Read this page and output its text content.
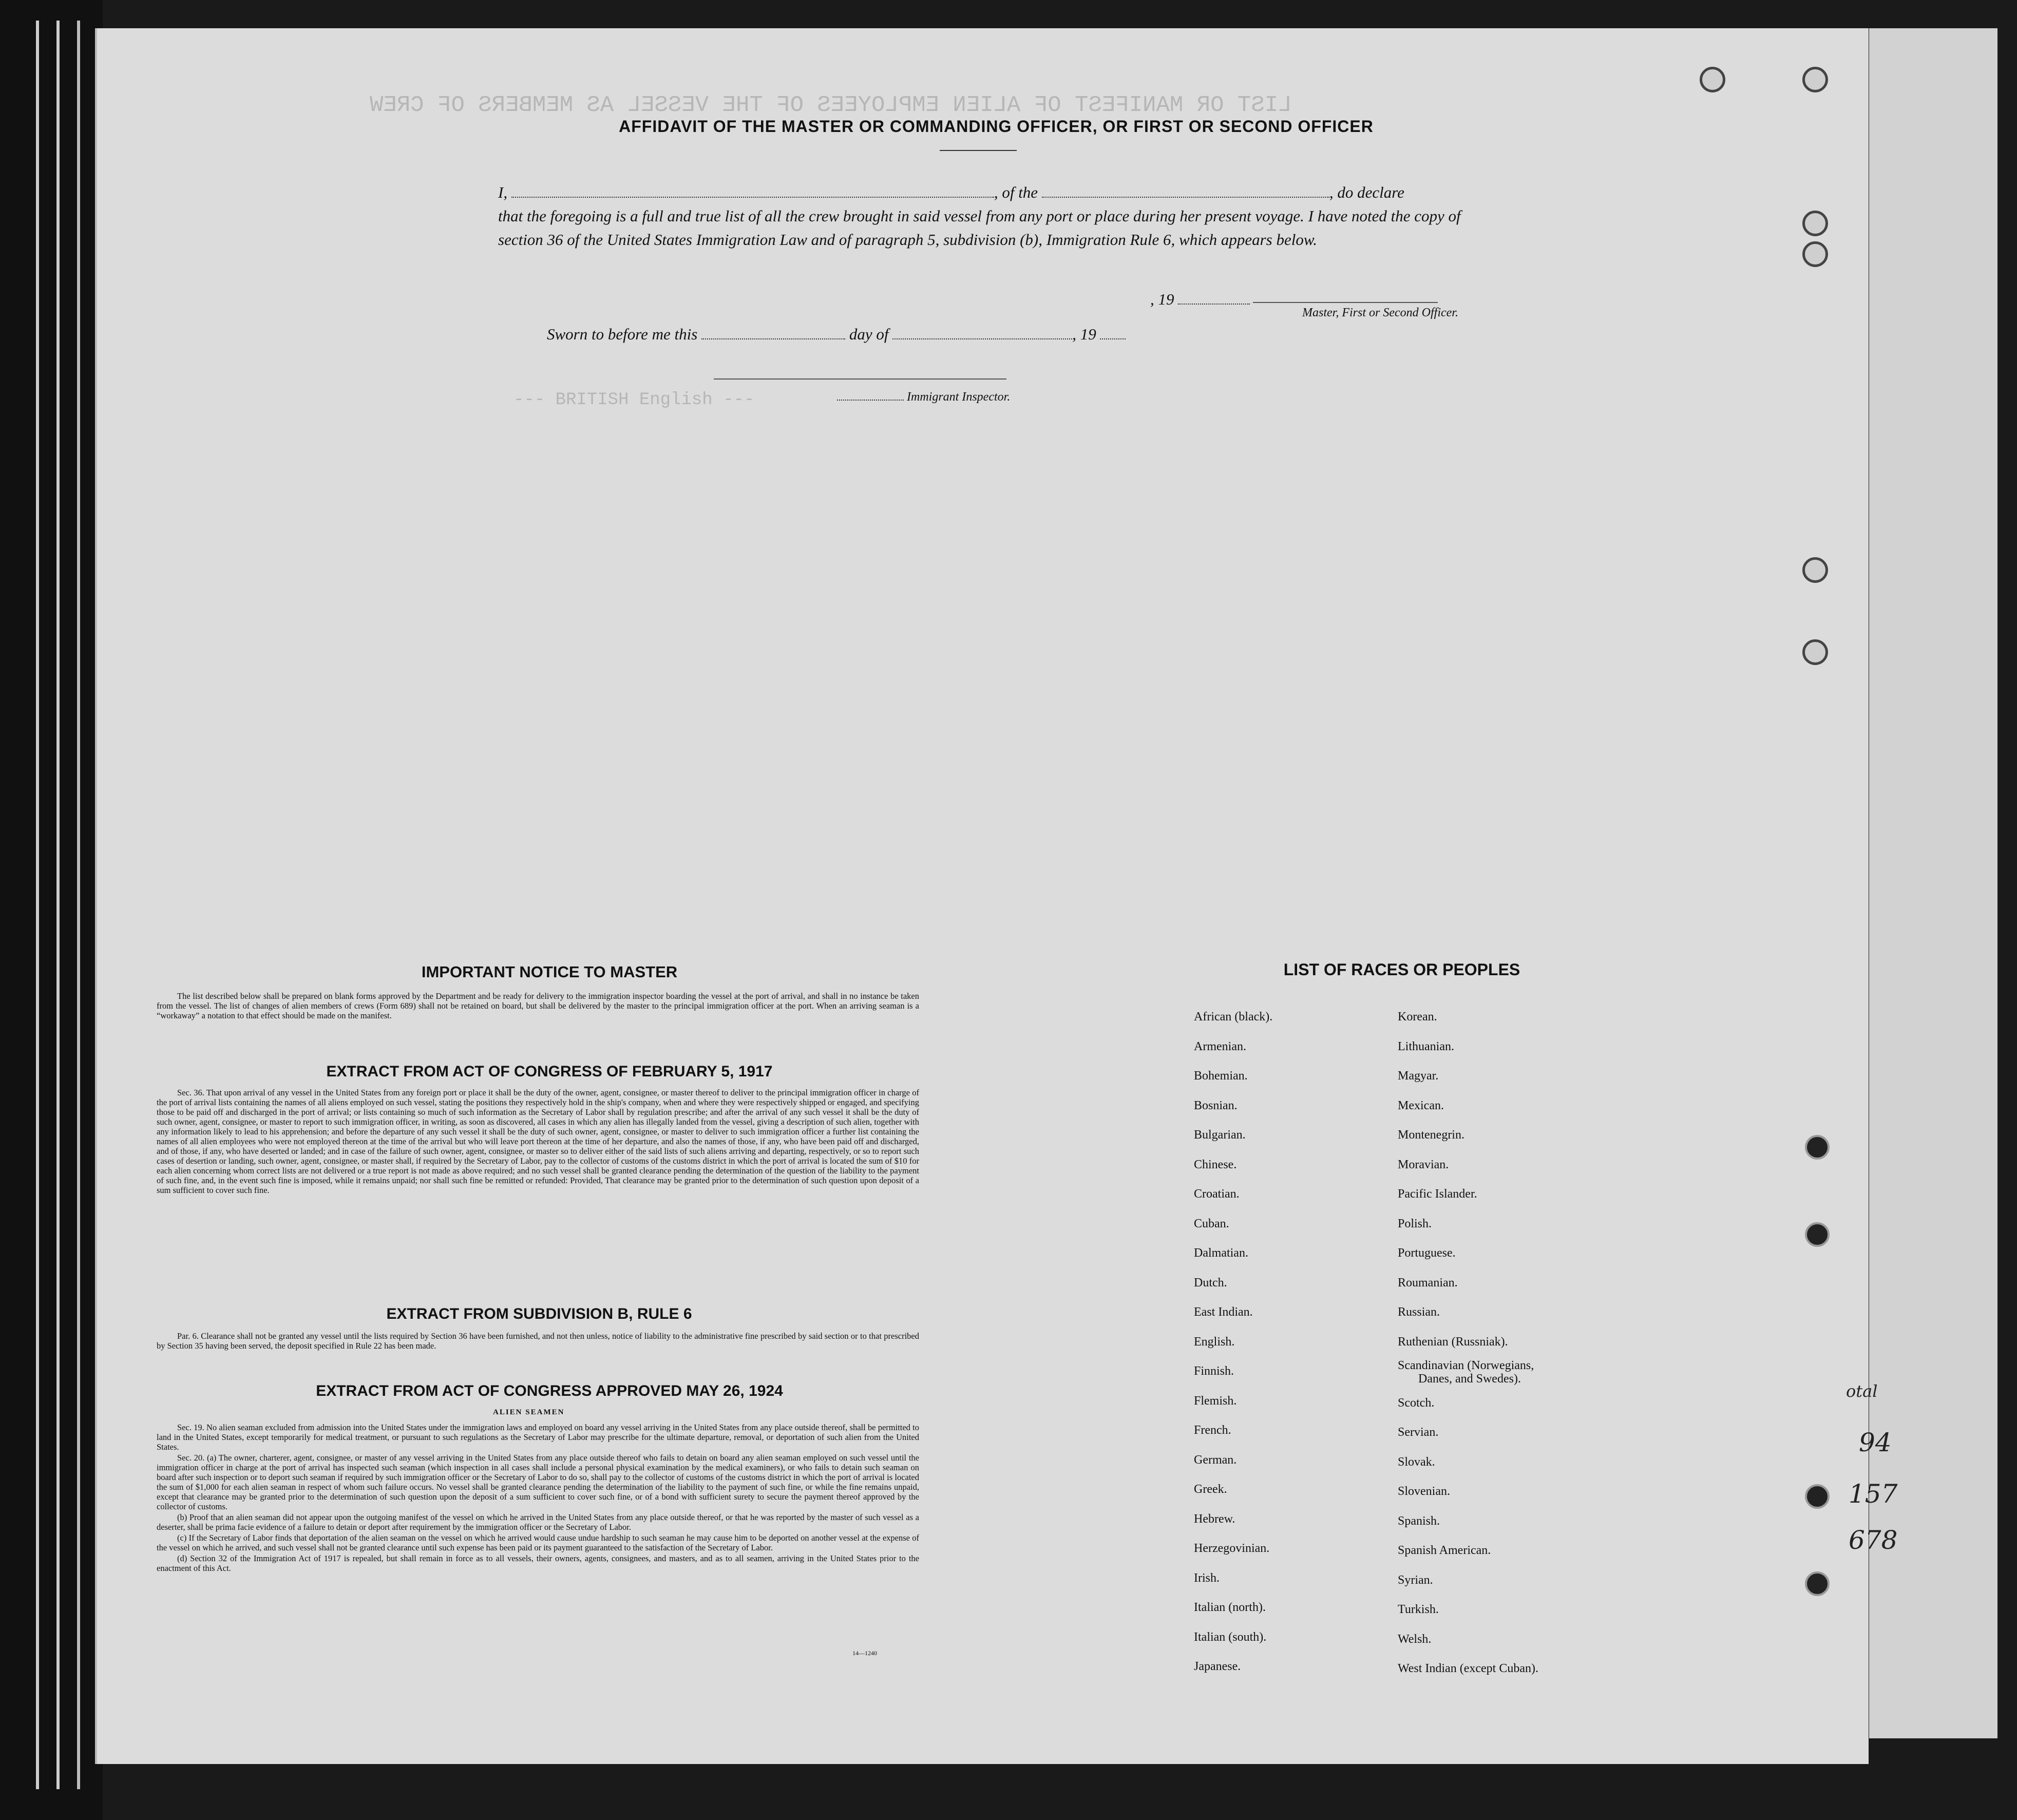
LIST OR MANIFEST OF ALIEN EMPLOYEES OF THE VESSEL AS MEMBERS OF CREW
--- BRITISH English ---
AFFIDAVIT OF THE MASTER OR COMMANDING OFFICER, OR FIRST OR SECOND OFFICER
I,	, of the	, do declare
that the foregoing is a full and true list of all the crew brought in said vessel from any port or place during her present voyage. I have noted the copy of section 36 of the United States Immigration Law and of paragraph 5, subdivision (b), Immigration Rule 6, which appears below.
, 19
Master, First or Second Officer.
Sworn to before me this	day of	, 19
Immigrant Inspector.
IMPORTANT NOTICE TO MASTER

The list described below shall be prepared on blank forms approved by the Department and be ready for delivery to the immigration inspector boarding the vessel at the port of arrival, and shall in no instance be taken from the vessel. The list of changes of alien members of crews (Form 689) shall not be retained on board, but shall be delivered by the master to the principal immigration officer at the port. When an arriving seaman is a “workaway” a notation to that effect should be made on the manifest.

EXTRACT FROM ACT OF CONGRESS OF FEBRUARY 5, 1917

Sec. 36. That upon arrival of any vessel in the United States from any foreign port or place it shall be the duty of the owner, agent, consignee, or master thereof to deliver to the principal immigration officer in charge of the port of arrival lists containing the names of all aliens employed on such vessel, stating the positions they respectively hold in the ship's company, when and where they were respectively shipped or engaged, and specifying those to be paid off and discharged in the port of arrival; or lists containing so much of such information as the Secretary of Labor shall by regulation prescribe; and after the arrival of any such vessel it shall be the duty of such owner, agent, consignee, or master to report to such immigration officer, in writing, as soon as discovered, all cases in which any alien has illegally landed from the vessel, giving a description of such alien, together with any information likely to lead to his apprehension; and before the departure of any such vessel it shall be the duty of such owner, agent, consignee, or master to deliver to such immigration officer a further list containing the names of all alien employees who were not employed thereon at the time of the arrival but who will leave port thereon at the time of her departure, and also the names of those, if any, who have been paid off and discharged, and of those, if any, who have deserted or landed; and in case of the failure of such owner, agent, consignee, or master so to deliver either of the said lists of such aliens arriving and departing, respectively, or so to report such cases of desertion or landing, such owner, agent, consignee, or master shall, if required by the Secretary of Labor, pay to the collector of customs of the customs district in which the port of arrival is located the sum of $10 for each alien concerning whom correct lists are not delivered or a true report is not made as above required; and no such vessel shall be granted clearance pending the determination of the question of the liability to the payment of such fine, and, in the event such fine is imposed, while it remains unpaid; nor shall such fine be remitted or refunded: Provided, That clearance may be granted prior to the determination of such question upon deposit of a sum sufficient to cover such fine.

EXTRACT FROM SUBDIVISION B, RULE 6

Par. 6. Clearance shall not be granted any vessel until the lists required by Section 36 have been furnished, and not then unless, notice of liability to the administrative fine prescribed by said section or to that prescribed by Section 35 having been served, the deposit specified in Rule 22 has been made.

EXTRACT FROM ACT OF CONGRESS APPROVED MAY 26, 1924
ALIEN SEAMEN

Sec. 19. No alien seaman excluded from admission into the United States under the immigration laws and employed on board any vessel arriving in the United States from any place outside thereof, shall be permitted to land in the United States, except temporarily for medical treatment, or pursuant to such regulations as the Secretary of Labor may prescribe for the ultimate departure, removal, or deportation of such alien from the United States.

Sec. 20. (a) The owner, charterer, agent, consignee, or master of any vessel arriving in the United States from any place outside thereof who fails to detain on board any alien seaman employed on such vessel until the immigration officer in charge at the port of arrival has inspected such seaman (which inspection in all cases shall include a personal physical examination by the medical examiners), or who fails to detain such seaman on board after such inspection or to deport such seaman if required by such immigration officer or the Secretary of Labor to do so, shall pay to the collector of customs of the customs district in which the port of arrival is located the sum of $1,000 for each alien seaman in respect of whom such failure occurs. No vessel shall be granted clearance pending the determination of the liability to the payment of such fine, or while the fine remains unpaid, except that clearance may be granted prior to the determination of such question upon the deposit of a sum sufficient to cover such fine, or of a bond with sufficient surety to secure the payment thereof approved by the collector of customs.

(b) Proof that an alien seaman did not appear upon the outgoing manifest of the vessel on which he arrived in the United States from any place outside thereof, or that he was reported by the master of such vessel as a deserter, shall be prima facie evidence of a failure to detain or deport after requirement by the immigration officer or the Secretary of Labor.

(c) If the Secretary of Labor finds that deportation of the alien seaman on the vessel on which he arrived would cause undue hardship to such seaman he may cause him to be deported on another vessel at the expense of the vessel on which he arrived, and such vessel shall not be granted clearance until such expense has been paid or its payment guaranteed to the satisfaction of the Secretary of Labor.

(d) Section 32 of the Immigration Act of 1917 is repealed, but shall remain in force as to all vessels, their owners, agents, consignees, and masters, and as to all seamen, arriving in the United States prior to the enactment of this Act.

14—1240
LIST OF RACES OR PEOPLES
African (black).
Armenian.
Bohemian.
Bosnian.
Bulgarian.
Chinese.
Croatian.
Cuban.
Dalmatian.
Dutch.
East Indian.
English.
Finnish.
Flemish.
French.
German.
Greek.
Hebrew.
Herzegovinian.
Irish.
Italian (north).
Italian (south).
Japanese.
Korean.
Lithuanian.
Magyar.
Mexican.
Montenegrin.
Moravian.
Pacific Islander.
Polish.
Portuguese.
Roumanian.
Russian.
Ruthenian (Russniak).
Scandinavian (Norwegians,
Danes, and Swedes).
Scotch.
Servian.
Slovak.
Slovenian.
Spanish.
Spanish American.
Syrian.
Turkish.
Welsh.
West Indian (except Cuban).
otal
94
157
678
